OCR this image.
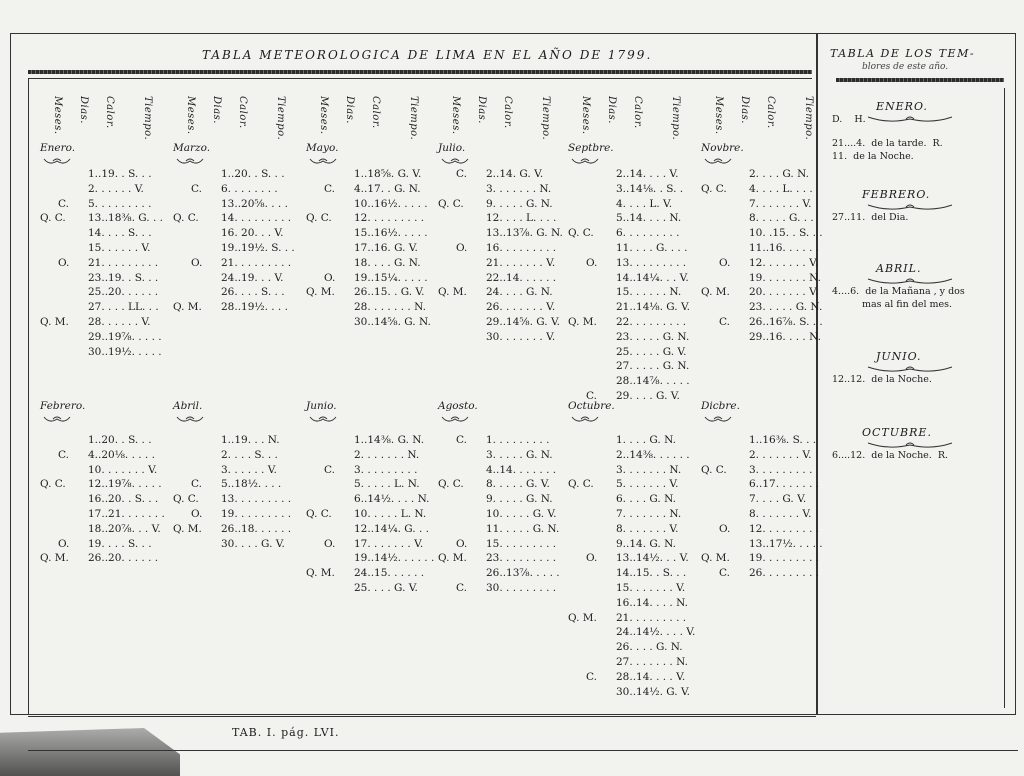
TABLA METEOROLOGICA DE LIMA EN EL AÑO DE 1799.	TABLA DE LOS TEM-
blores de este año.
Meses. Dias. Calor.	Tiempo.	Meses. Dias. Calor.	Tiempo.	Meses. Dias. Calor.	Tiempo.	Meses. Dias. Calor.	Tiempo.	Meses. Dias. Calor.	Tiempo.	Meses. Dias. Calor.	Tiempo.
Enero.
1..19. . S. . .
2. . . . . . V.
C. 5. . . . . . . . .
Q. C. 13..18⅜. G. . .
14. . . . S. . .
15. . . . . . V.
O. 21. . . . . . . . .
23..19. . S. . .
25..20. . . . . .
27. . . . LL. . .
Q. M. 28. . . . . . V.
29..19⅞. . . . .
30..19½. . . . .
Marzo.
1..20. . S. . .
C. 6. . . . . . . .
13..20⅝. . . .
Q. C. 14. . . . . . . . .
16. 20. . . V.
19..19½. S. . .
O. 21. . . . . . . . .
24..19. . . V.
26. . . . S. . .
Q. M. 28..19½. . . .
Mayo.
1..18⅝. G. V.
C. 4..17. . G. N.
10..16½. . . . .
Q. C. 12. . . . . . . . .
15..16½. . . . .
17..16. G. V.
18. . . . G. N.
O. 19..15¼. . . . .
Q. M. 26..15. . G. V.
28. . . . . . . N.
30..14⅝. G. N.
Julio.
C. 2..14. G. V.
3. . . . . . . N.
Q. C. 9. . . . . G. N.
12. . . . L. . . .
13..13⅞. G. N.
O. 16. . . . . . . . .
21. . . . . . . V.
22..14. . . . . .
Q. M. 24. . . . G. N.
26. . . . . . . V.
29..14⅝. G. V.
30. . . . . . . V.
Septbre.
2..14. . . . V.
3..14⅛. . S. .
4. . . . L. V.
5..14. . . . N.
Q. C. 6. . . . . . . . .
11. . . . G. . . .
O. 13. . . . . . . . .
14..14¼. . . V.
15. . . . . . N.
21..14⅛. G. V.
Q. M. 22. . . . . . . . .
23. . . . . G. N.
25. . . . . G. V.
27. . . . . G. N.
28..14⅞. . . . .
C. 29. . . . G. V.
Novbre.
2. . . . G. N.
Q. C. 4. . . . L. . . .
7. . . . . . . V.
8. . . . . G. . .
10. .15. . S. . .
11..16. . . . . .
O. 12. . . . . . . V.
19. . . . . . . N.
Q. M. 20. . . . . . . V.
23. . . . . G. N.
C. 26..16⅞. S. . .
29..16. . . . N.
Febrero.
1..20. . S. . .
C. 4..20⅛. . . . .
10. . . . . . . V.
Q. C. 12..19⅞. . . . .
16..20. . S. . .
17..21. . . . . . .
18..20⅞. . . V.
O. 19. . . . S. . .
Q. M. 26..20. . . . . .
Abril.
1..19. . . N.
2. . . . S. . .
3. . . . . . V.
C. 5..18½. . . .
Q. C. 13. . . . . . . . .
O. 19. . . . . . . . .
Q. M. 26..18. . . . . .
30. . . . G. V.
Junio.
1..14⅜. G. N.
2. . . . . . . N.
C. 3. . . . . . . . .
5. . . . . L. N.
6..14½. . . . N.
Q. C. 10. . . . . L. N.
12..14¼. G. . .
O. 17. . . . . . . V.
19..14½. . . . . .
Q. M. 24..15. . . . . .
25. . . . G. V.
Agosto.
C. 1. . . . . . . . .
3. . . . . G. N.
4..14. . . . . . .
Q. C. 8. . . . . G. V.
9. . . . . G. N.
10. . . . . G. V.
11. . . . . G. N.
O. 15. . . . . . . . .
Q. M. 23. . . . . . . . .
26..13⅞. . . . .
C. 30. . . . . . . . .
Octubre.
1. . . . G. N.
2..14⅜. . . . . .
3. . . . . . . N.
Q. C. 5. . . . . . . V.
6. . . . G. N.
7. . . . . . . N.
8. . . . . . . V.
9..14. G. N.
O. 13..14½. . . V.
14..15. . S. . .
15. . . . . . . V.
16..14. . . . N.
Q. M. 21. . . . . . . . .
24..14½. . . . V.
26. . . . G. N.
27. . . . . . . N.
C. 28..14. . . . V.
30..14½. G. V.
Dicbre.
1..16⅜. S. . .
2. . . . . . . V.
Q. C. 3. . . . . . . . .
6..17. . . . . . .
7. . . . G. V.
8. . . . . . . V.
O. 12. . . . . . . . .
13..17½. . . . .
Q. M. 19. . . . . . . . .
C. 26. . . . . . . . .
ENERO.
D.    H.
21....4.  de la tarde.  R.
11.  de la Noche.
FEBRERO.
27..11.  del Dia.
ABRIL.
4....6.  de la Mañana , y dos
mas al fin del mes.
JUNIO.
12..12.  de la Noche.
OCTUBRE.
6....12.  de la Noche.  R.
TAB. I. pág. LVI.
